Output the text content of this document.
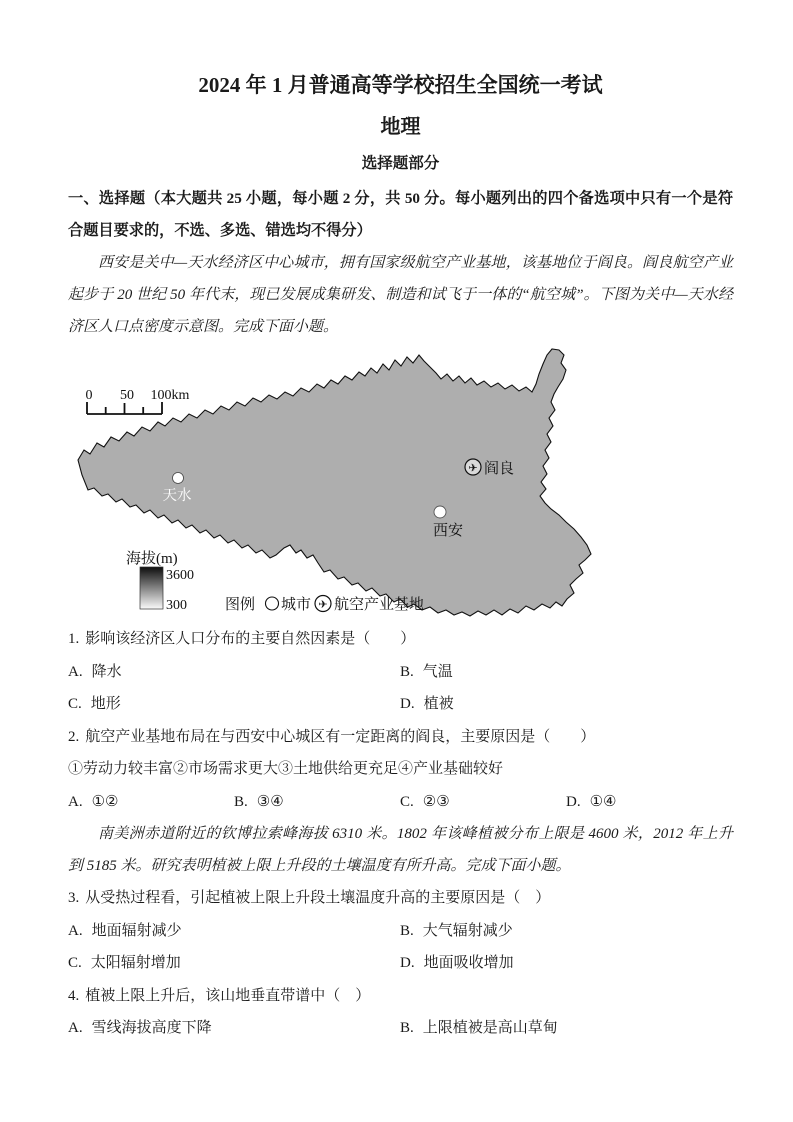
2024 年 1 月普通高等学校招生全国统一考试
地理
选择题部分

一、选择题（本大题共 25 小题，每小题 2 分，共 50 分。每小题列出的四个备选项中只有一个是符合题目要求的，不选、多选、错选均不得分）

西安是关中—天水经济区中心城市，拥有国家级航空产业基地，该基地位于阎良。阎良航空产业起步于 20 世纪 50 年代末，现已发展成集研发、制造和试飞于一体的“航空城”。下图为关中—天水经济区人口点密度示意图。完成下面小题。

0 50 100km
天水
西安
✈ 阎良
海拔(m)
3600
300	图例 城市 ✈ 航空产业基地

1. 影响该经济区人口分布的主要自然因素是（　　）

A. 降水	B. 气温
C. 地形	D. 植被

2. 航空产业基地布局在与西安中心城区有一定距离的阎良，主要原因是（　　）

①劳动力较丰富②市场需求更大③土地供给更充足④产业基础较好

A. ①②	B. ③④	C. ②③	D. ①④

南美洲赤道附近的钦博拉索峰海拔 6310 米。1802 年该峰植被分布上限是 4600 米，2012 年上升到 5185 米。研究表明植被上限上升段的土壤温度有所升高。完成下面小题。

3. 从受热过程看，引起植被上限上升段土壤温度升高的主要原因是（　）

A. 地面辐射减少	B. 大气辐射减少
C. 太阳辐射增加	D. 地面吸收增加

4. 植被上限上升后，该山地垂直带谱中（　）

A. 雪线海拔高度下降	B. 上限植被是高山草甸
